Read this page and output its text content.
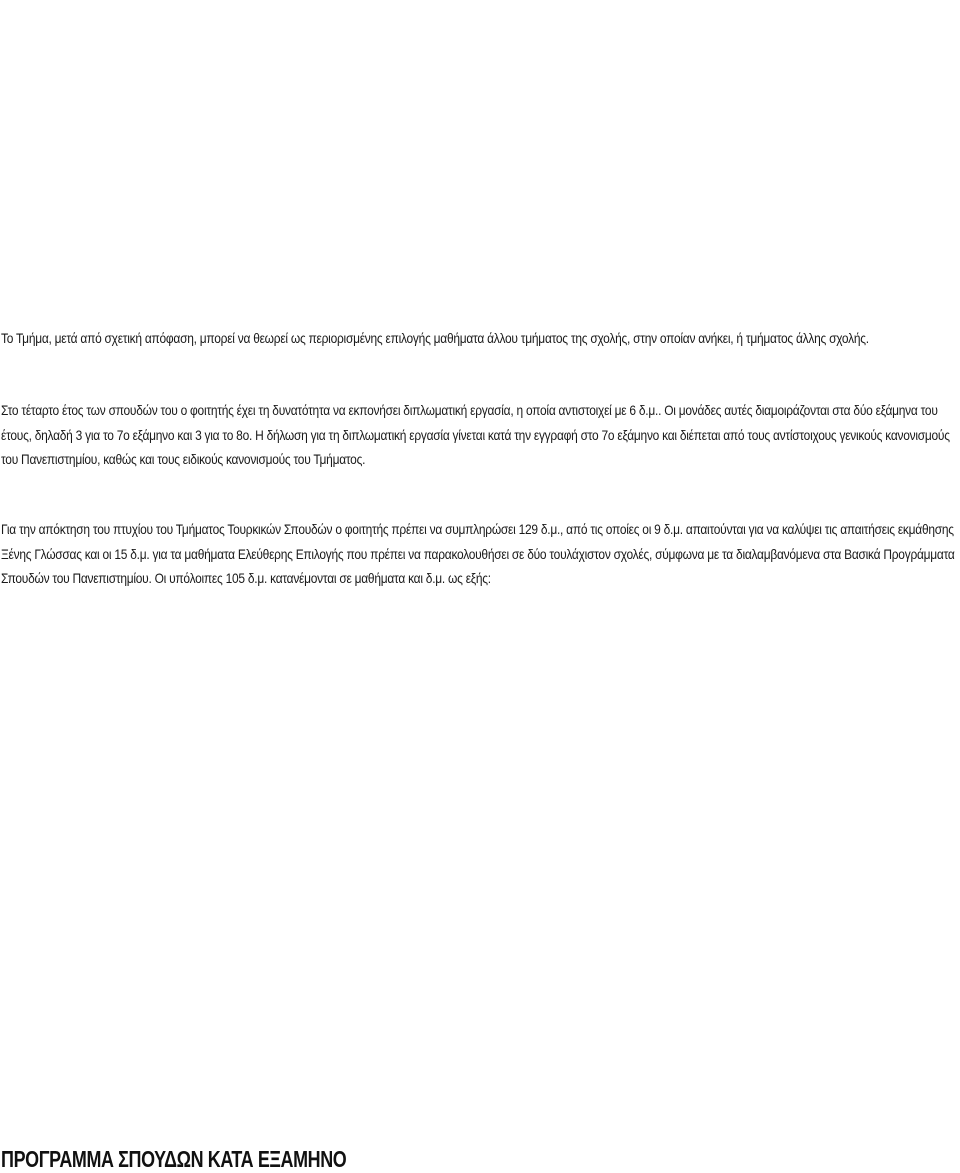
ΠΡΟΓΡΑΜΜΑ ΣΠΟΥΔΩΝ ΚΑΤΑ ΕΞΑΜΗΝΟ

Το Τμήμα, μετά από σχετική απόφαση, μπορεί να θεωρεί ως περιορισμένης επιλογής μαθήματα άλλου τμήματος της σχολής, στην οποίαν ανήκει, ή τμήματος άλλης σχολής.

Στο τέταρτο έτος των σπουδών του ο φοιτητής έχει τη δυνατότητα να εκπονήσει διπλωματική εργασία, η οποία αντιστοιχεί με 6 δ.μ.. Οι μονάδες αυτές διαμοιράζονται στα δύο εξάμηνα του έτους, δηλαδή 3 για το 7ο εξάμηνο και 3 για το 8ο. Η δήλωση για τη διπλωματική εργασία γίνεται κατά την εγγραφή στο 7ο εξάμηνο και διέπεται από τους αντίστοιχους γενικούς κανονισμούς του Πανεπιστημίου, καθώς και τους ειδικούς κανονισμούς του Τμήματος.

Για την απόκτηση του πτυχίου του Τμήματος Τουρκικών Σπουδών ο φοιτητής πρέπει να συμπληρώσει 129 δ.μ., από τις οποίες οι 9 δ.μ. απαιτούνται για να καλύψει τις απαιτήσεις εκμάθησης Ξένης Γλώσσας και οι 15 δ.μ. για τα μαθήματα Ελεύθερης Επιλογής που πρέπει να παρακολουθήσει σε δύο τουλάχιστον σχολές, σύμφωνα με τα διαλαμβανόμενα στα Βασικά Προγράμματα Σπουδών του Πανεπιστημίου. Οι υπόλοιπες 105 δ.μ. κατανέμονται σε μαθήματα και δ.μ. ως εξής:
